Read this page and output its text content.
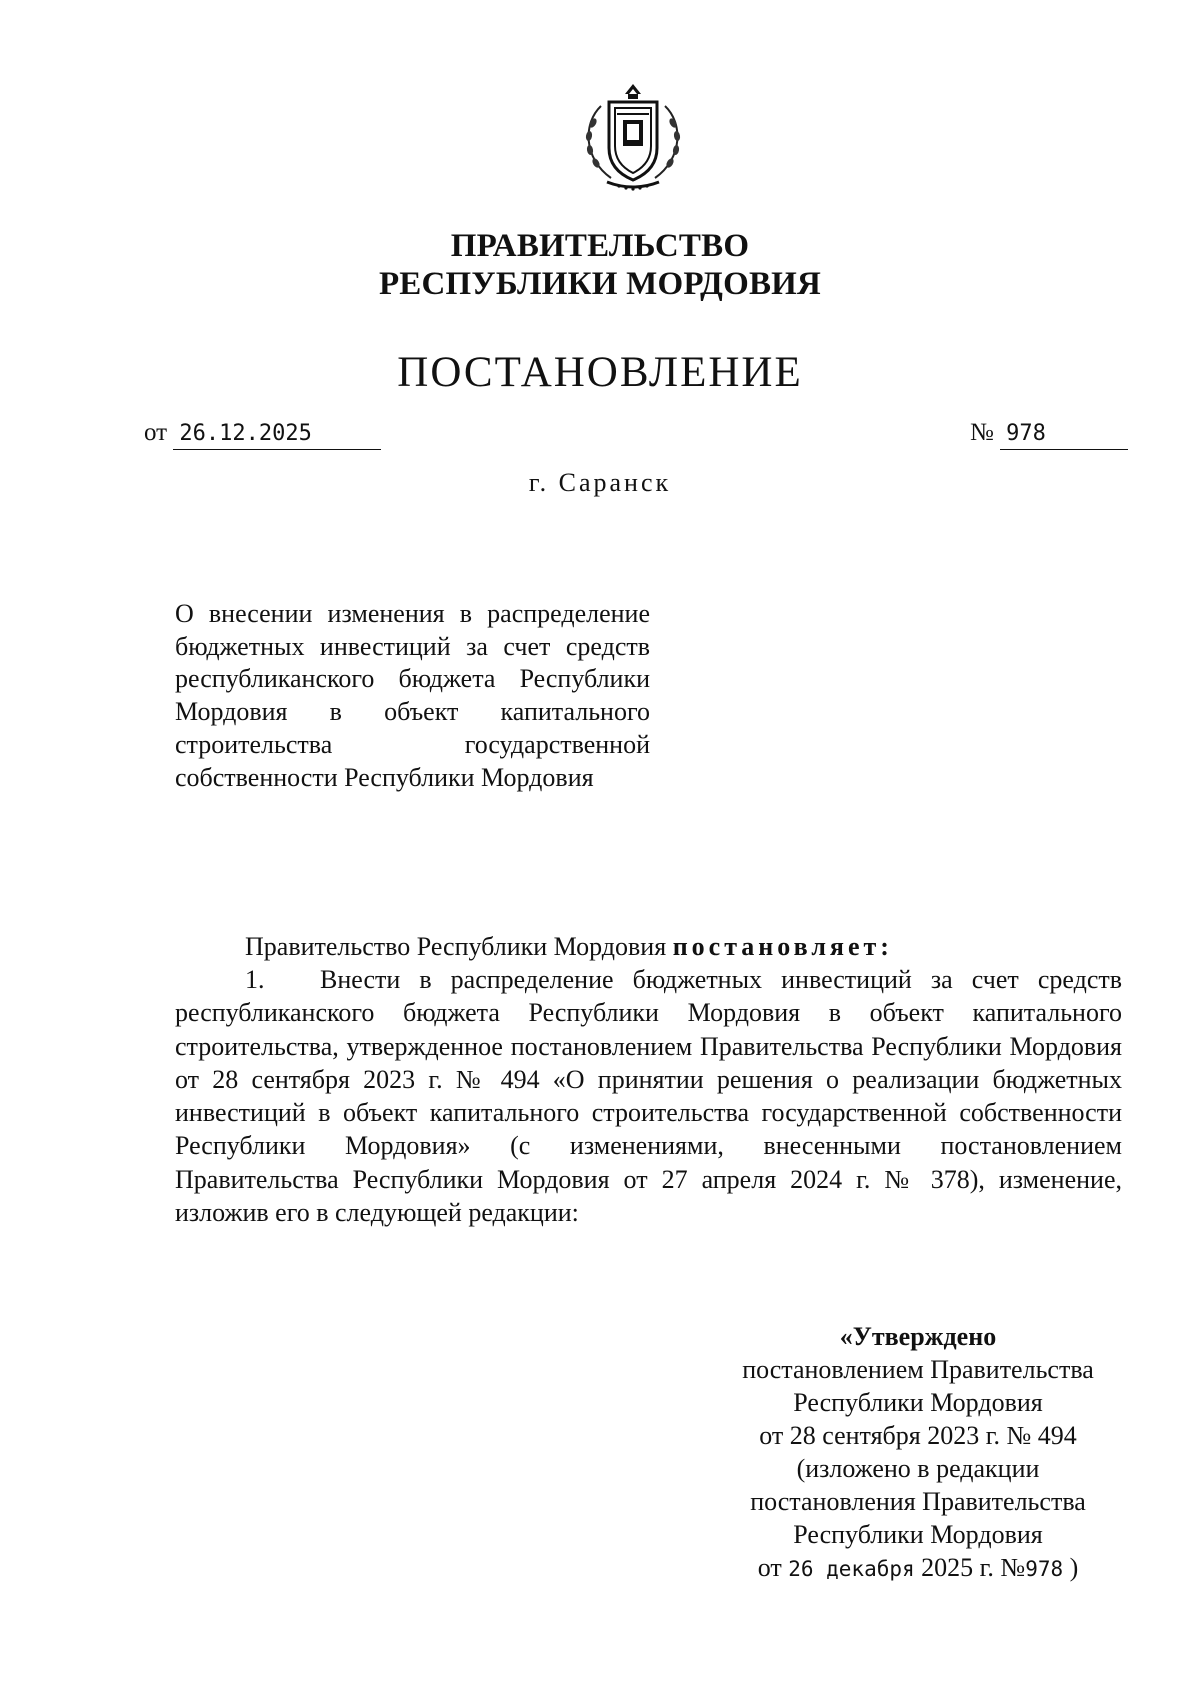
ПРАВИТЕЛЬСТВО
РЕСПУБЛИКИ МОРДОВИЯ
ПОСТАНОВЛЕНИЕ
от 26.12.2025	№ 978
г. Саранск
О внесении изменения в распределение бюджетных инвестиций за счет средств республиканского бюджета Республики Мордовия в объект капитального строительства государственной собственности Республики Мордовия
Правительство Республики Мордовия постановляет:
1. Внести в распределение бюджетных инвестиций за счет средств республиканского бюджета Республики Мордовия в объект капитального строительства, утвержденное постановлением Правительства Республики Мордовия от 28 сентября 2023 г. № 494 «О принятии решения о реализации бюджетных инвестиций в объект капитального строительства государственной собственности Республики Мордовия» (с изменениями, внесенными постановлением Правительства Республики Мордовия от 27 апреля 2024 г. № 378), изменение, изложив его в следующей редакции:
«Утверждено
постановлением Правительства
Республики Мордовия
от 28 сентября 2023 г. № 494
(изложено в редакции
постановления Правительства
Республики Мордовия
от 26 декабря 2025 г. №978 )
